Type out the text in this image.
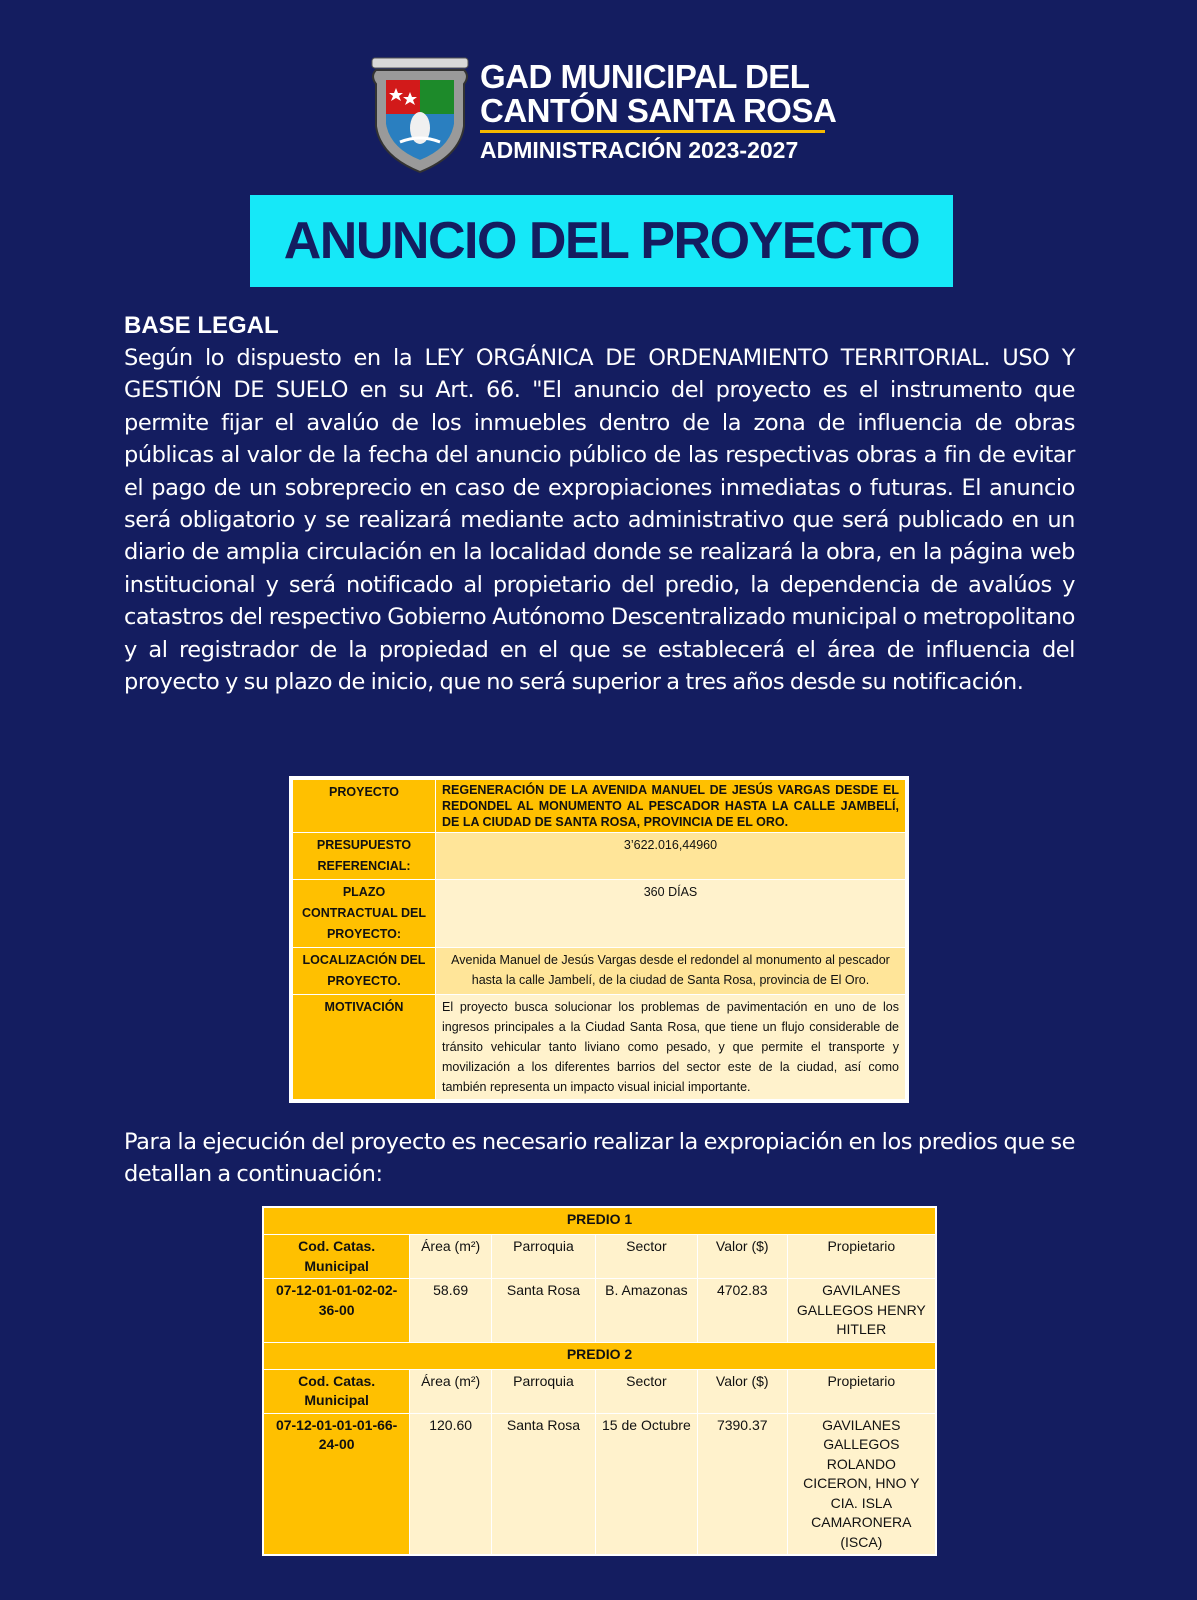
GAD MUNICIPAL DEL
CANTÓN SANTA ROSA
ADMINISTRACIÓN 2023-2027
ANUNCIO DEL PROYECTO
BASE LEGAL
Según lo dispuesto en la LEY ORGÁNICA DE ORDENAMIENTO TERRITORIAL. USO Y GESTIÓN DE SUELO en su Art. 66. "El anuncio del proyecto es el instrumento que permite fijar el avalúo de los inmuebles dentro de la zona de influencia de obras públicas al valor de la fecha del anuncio público de las respectivas obras a fin de evitar el pago de un sobreprecio en caso de expropiaciones inmediatas o futuras. El anuncio será obligatorio y se realizará mediante acto administrativo que será publicado en un diario de amplia circulación en la localidad donde se realizará la obra, en la página web institucional y será notificado al propietario del predio, la dependencia de avalúos y catastros del respectivo Gobierno Autónomo Descentralizado municipal o metropolitano y al registrador de la propiedad en el que se establecerá el área de influencia del proyecto y su plazo de inicio, que no será superior a tres años desde su notificación.
PROYECTO	REGENERACIÓN DE LA AVENIDA MANUEL DE JESÚS VARGAS DESDE EL REDONDEL AL MONUMENTO AL PESCADOR HASTA LA CALLE JAMBELÍ, DE LA CIUDAD DE SANTA ROSA, PROVINCIA DE EL ORO.
PRESUPUESTO REFERENCIAL:	3’622.016,44960
PLAZO CONTRACTUAL DEL PROYECTO:	360 DÍAS
LOCALIZACIÓN DEL PROYECTO.	Avenida Manuel de Jesús Vargas desde el redondel al monumento al pescador hasta la calle Jambelí, de la ciudad de Santa Rosa, provincia de El Oro.
MOTIVACIÓN	El proyecto busca solucionar los problemas de pavimentación en uno de los ingresos principales a la Ciudad Santa Rosa, que tiene un flujo considerable de tránsito vehicular tanto liviano como pesado, y que permite el transporte y movilización a los diferentes barrios del sector este de la ciudad, así como también representa un impacto visual inicial importante.
Para la ejecución del proyecto es necesario realizar la expropiación en los predios que se detallan a continuación:
PREDIO 1					
Cod. Catas. Municipal	Área (m²)	Parroquia	Sector	Valor ($)	Propietario
07-12-01-01-02-02-36-00	58.69	Santa Rosa	B. Amazonas	4702.83	GAVILANES GALLEGOS HENRY HITLER
PREDIO 2					
Cod. Catas. Municipal	Área (m²)	Parroquia	Sector	Valor ($)	Propietario
07-12-01-01-01-66-24-00	120.60	Santa Rosa	15 de Octubre	7390.37	GAVILANES GALLEGOS ROLANDO CICERON, HNO Y CIA. ISLA CAMARONERA (ISCA)
